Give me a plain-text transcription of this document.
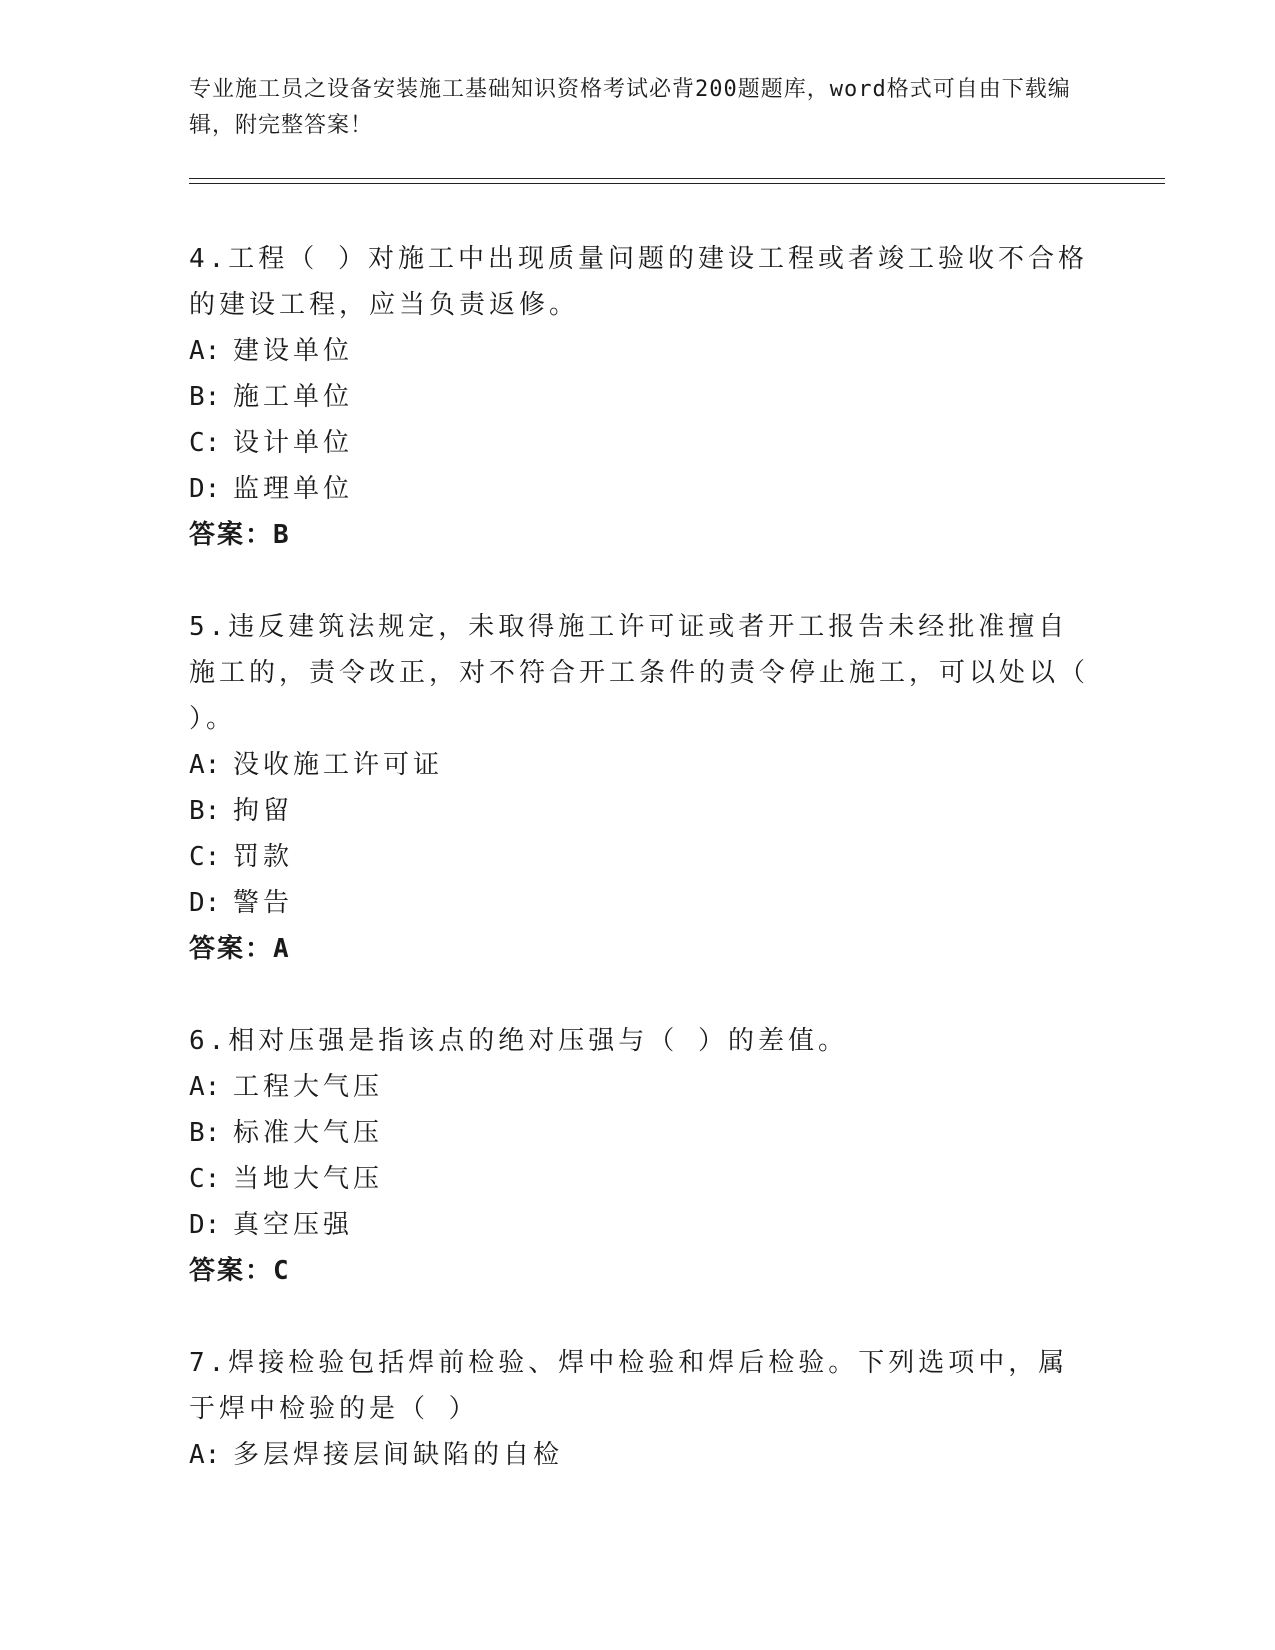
专业施工员之设备安装施工基础知识资格考试必背200题题库，word格式可自由下载编辑，附完整答案！

4.工程（ ）对施工中出现质量问题的建设工程或者竣工验收不合格的建设工程，应当负责返修。

A: 建设单位

B: 施工单位

C: 设计单位

D: 监理单位

答案：B

5.违反建筑法规定，未取得施工许可证或者开工报告未经批准擅自施工的，责令改正，对不符合开工条件的责令停止施工，可以处以（ ）。

A: 没收施工许可证

B: 拘留

C: 罚款

D: 警告

答案：A

6.相对压强是指该点的绝对压强与（ ）的差值。

A: 工程大气压

B: 标准大气压

C: 当地大气压

D: 真空压强

答案：C

7.焊接检验包括焊前检验、焊中检验和焊后检验。下列选项中，属于焊中检验的是（ ）

A: 多层焊接层间缺陷的自检
